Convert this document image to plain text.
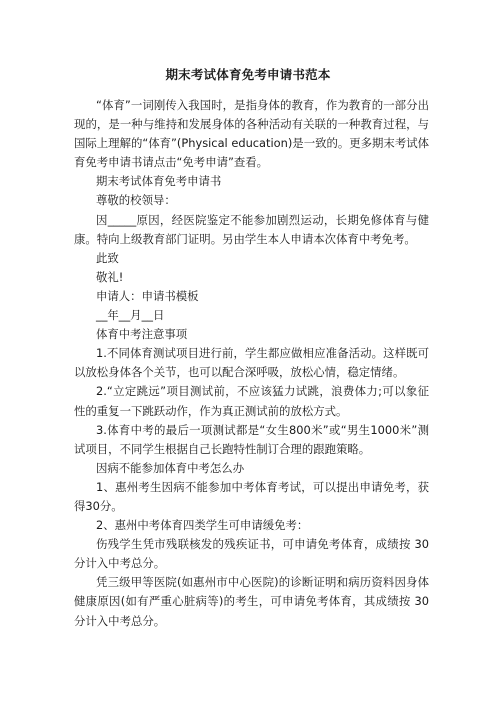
期末考试体育免考申请书范本

“体育”一词刚传入我国时，是指身体的教育，作为教育的一部分出现的，是一种与维持和发展身体的各种活动有关联的一种教育过程，与国际上理解的“体育”(Physical education)是一致的。更多期末考试体育免考申请书请点击“免考申请”查看。

期末考试体育免考申请书

尊敬的校领导：

因_____原因，经医院鉴定不能参加剧烈运动，长期免修体育与健康。特向上级教育部门证明。另由学生本人申请本次体育中考免考。

此致

敬礼!

申请人：申请书模板

__年__月__日

体育中考注意事项

1.不同体育测试项目进行前，学生都应做相应准备活动。这样既可以放松身体各个关节，也可以配合深呼吸，放松心情，稳定情绪。

2.“立定跳远”项目测试前，不应该猛力试跳，浪费体力;可以象征性的重复一下跳跃动作，作为真正测试前的放松方式。

3.体育中考的最后一项测试都是“女生800米”或“男生1000米”测试项目，不同学生根据自己长跑特性制订合理的跟跑策略。

因病不能参加体育中考怎么办

1、惠州考生因病不能参加中考体育考试，可以提出申请免考，获得30分。

2、惠州中考体育四类学生可申请缓免考：

伤残学生凭市残联核发的残疾证书，可申请免考体育，成绩按 30分计入中考总分。

凭三级甲等医院(如惠州市中心医院)的诊断证明和病历资料因身体健康原因(如有严重心脏病等)的考生，可申请免考体育，其成绩按 30分计入中考总分。
